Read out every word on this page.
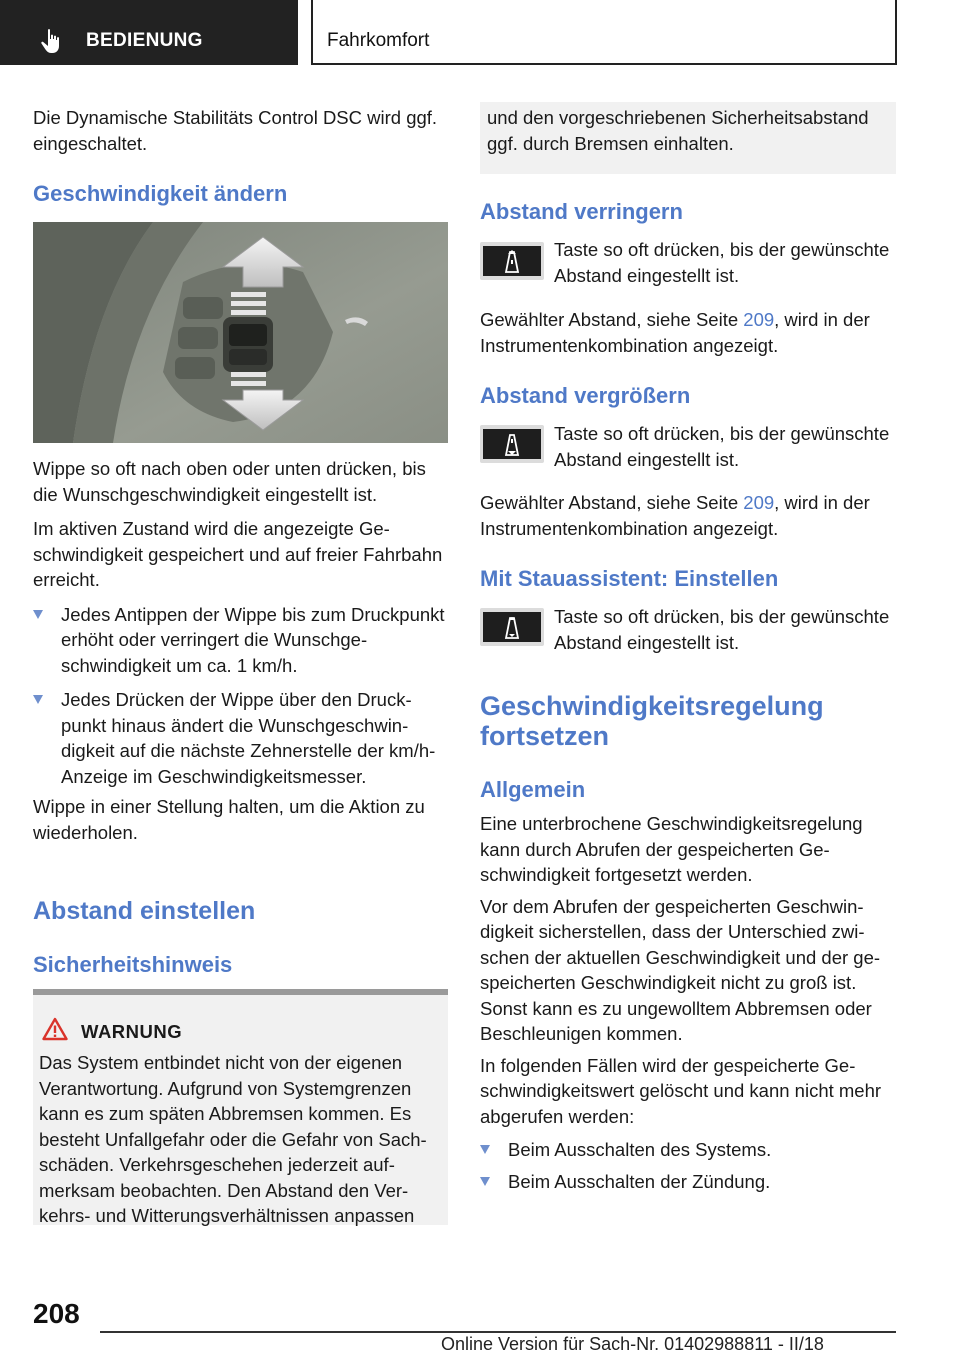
BEDIENUNG	Fahrkomfort

Die Dynamische Stabilitäts Control DSC wird ggf. eingeschaltet.

Geschwindigkeit ändern

Wippe so oft nach oben oder unten drücken, bis die Wunschgeschwindigkeit eingestellt ist.

Im aktiven Zustand wird die angezeigte Geschwindigkeit gespeichert und auf freier Fahrbahn erreicht.

Jedes Antippen der Wippe bis zum Druckpunkt erhöht oder verringert die Wunschgeschwindigkeit um ca. 1 km/h.
Jedes Drücken der Wippe über den Druckpunkt hinaus ändert die Wunschgeschwindigkeit auf die nächste Zehnerstelle der km/h-Anzeige im Geschwindigkeitsmesser.

Wippe in einer Stellung halten, um die Aktion zu wiederholen.

Abstand einstellen
Sicherheitshinweis
WARNUNG
Das System entbindet nicht von der eigenen Verantwortung. Aufgrund von Systemgrenzen kann es zum späten Abbremsen kommen. Es besteht Unfallgefahr oder die Gefahr von Sachschäden. Verkehrsgeschehen jederzeit aufmerksam beobachten. Den Abstand den Verkehrs- und Witterungsverhältnissen anpassen
und den vorgeschriebenen Sicherheitsabstand ggf. durch Bremsen einhalten.
Abstand verringern

Taste so oft drücken, bis der gewünschte Abstand eingestellt ist.

Gewählter Abstand, siehe Seite 209, wird in der Instrumentenkombination angezeigt.

Abstand vergrößern

Taste so oft drücken, bis der gewünschte Abstand eingestellt ist.

Gewählter Abstand, siehe Seite 209, wird in der Instrumentenkombination angezeigt.

Mit Stauassistent: Einstellen

Taste so oft drücken, bis der gewünschte Abstand eingestellt ist.

Geschwindigkeitsregelung
fortsetzen
Allgemein

Eine unterbrochene Geschwindigkeitsregelung kann durch Abrufen der gespeicherten Geschwindigkeit fortgesetzt werden.

Vor dem Abrufen der gespeicherten Geschwindigkeit sicherstellen, dass der Unterschied zwischen der aktuellen Geschwindigkeit und der gespeicherten Geschwindigkeit nicht zu groß ist. Sonst kann es zu ungewolltem Abbremsen oder Beschleunigen kommen.

In folgenden Fällen wird der gespeicherte Geschwindigkeitswert gelöscht und kann nicht mehr abgerufen werden:

Beim Ausschalten des Systems.
Beim Ausschalten der Zündung.
208
Online Version für Sach-Nr. 01402988811 - II/18
